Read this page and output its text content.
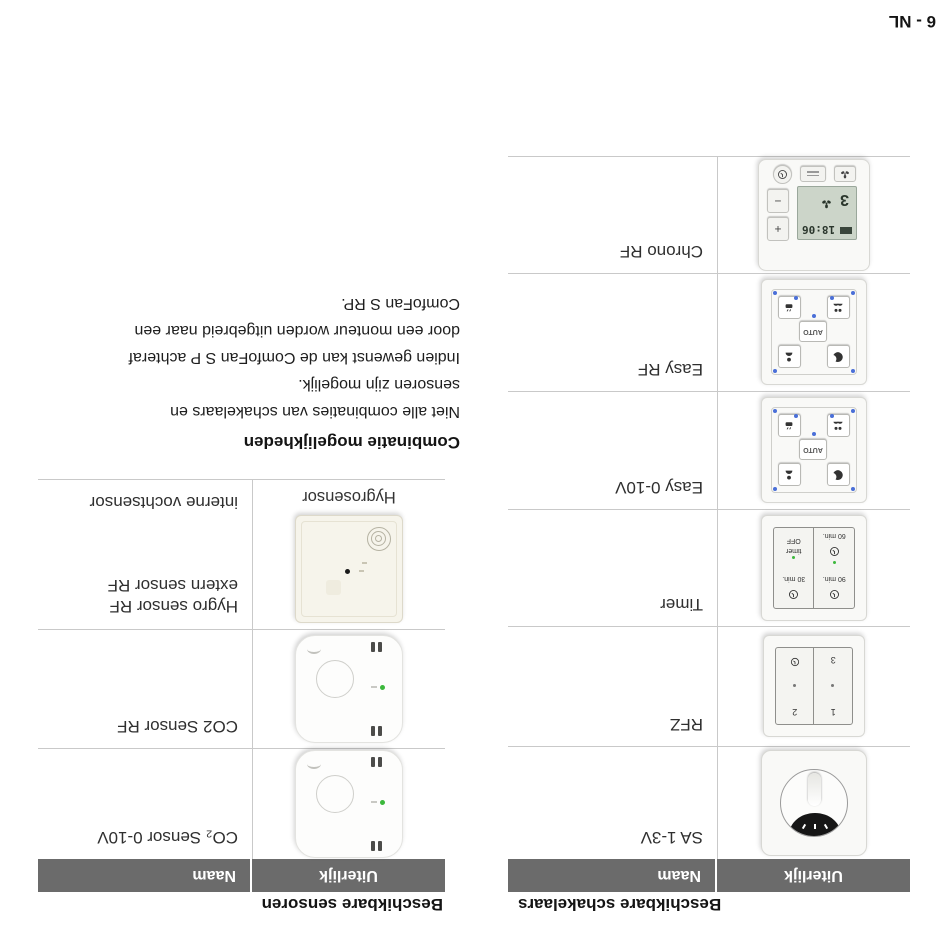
Beschikbare schakelaars
Uiterlijk
Naam
SA 1-3V
1
3
2
RFZ
90 min.
60 min.
30 min.
timer
OFF
Timer
AUTO
Easy 0-10V
AUTO
Easy RF
18:06
3
+
−
Chrono RF
Beschikbare sensoren
Uiterlijk
Naam
CO₂ Sensor 0-10V
CO2 Sensor RF
Hygrosensor
Hygro sensor RF
extern sensor RF
interne vochtsensor
Combinatie mogelijkheden
Niet alle combinaties van schakelaars en
sensoren zijn mogelijk.
Indien gewenst kan de ComfoFan S P achteraf
door een monteur worden uitgebreid naar een
ComfoFan S RP.
6 - NL
